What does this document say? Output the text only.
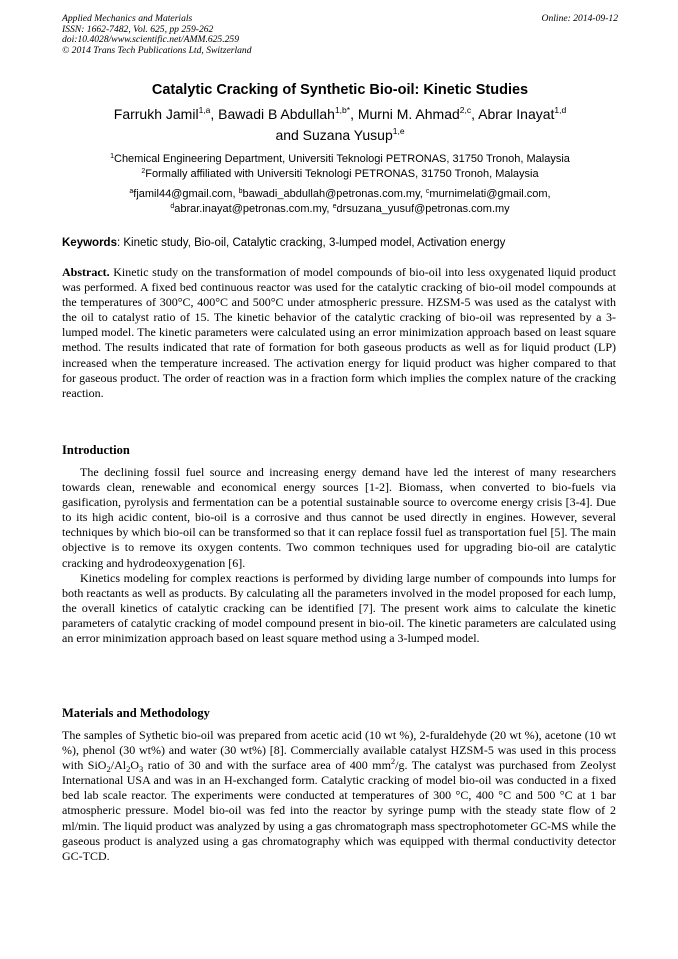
Applied Mechanics and Materials
ISSN: 1662-7482, Vol. 625, pp 259-262
doi:10.4028/www.scientific.net/AMM.625.259
© 2014 Trans Tech Publications Ltd, Switzerland
Online: 2014-09-12
Catalytic Cracking of Synthetic Bio-oil: Kinetic Studies
Farrukh Jamil$^{1,a}$, Bawadi B Abdullah$^{1,b*}$, Murni M. Ahmad$^{2,c}$, Abrar Inayat$^{1,d}$
and Suzana Yusup$^{1,e}$
$^1$Chemical Engineering Department, Universiti Teknologi PETRONAS, 31750 Tronoh, Malaysia
$^2$Formally affiliated with Universiti Teknologi PETRONAS, 31750 Tronoh, Malaysia
$^a$fjamil44@gmail.com, $^b$bawadi_abdullah@petronas.com.my, $^c$murnimelati@gmail.com,
$^d$abrar.inayat@petronas.com.my, $^e$drsuzana_yusuf@petronas.com.my
Keywords: Kinetic study, Bio-oil, Catalytic cracking, 3-lumped model, Activation energy
Abstract. Kinetic study on the transformation of model compounds of bio-oil into less oxygenated liquid product was performed. A fixed bed continuous reactor was used for the catalytic cracking of bio-oil model compounds at the temperatures of 300°C, 400°C and 500°C under atmospheric pressure. HZSM-5 was used as the catalyst with the oil to catalyst ratio of 15. The kinetic behavior of the catalytic cracking of bio-oil was represented by a 3-lumped model. The kinetic parameters were calculated using an error minimization approach based on least square method. The results indicated that rate of formation for both gaseous products as well as for liquid product (LP) increased when the temperature increased. The activation energy for liquid product was higher compared to that for gaseous product. The order of reaction was in a fraction form which implies the complex nature of the cracking reaction.
Introduction

The declining fossil fuel source and increasing energy demand have led the interest of many researchers towards clean, renewable and economical energy sources [1-2]. Biomass, when converted to bio-fuels via gasification, pyrolysis and fermentation can be a potential sustainable source to overcome energy crisis [3-4]. Due to its high acidic content, bio-oil is a corrosive and thus cannot be used directly in engines. However, several techniques by which bio-oil can be transformed so that it can replace fossil fuel as transportation fuel [5]. The main objective is to remove its oxygen contents. Two common techniques used for upgrading bio-oil are catalytic cracking and hydrodeoxygenation [6].

Kinetics modeling for complex reactions is performed by dividing large number of compounds into lumps for both reactants as well as products. By calculating all the parameters involved in the model proposed for each lump, the overall kinetics of catalytic cracking can be identified [7]. The present work aims to calculate the kinetic parameters of catalytic cracking of model compound present in bio-oil. The kinetic parameters are calculated using an error minimization approach based on least square method using a 3-lumped model.

Materials and Methodology

The samples of Sythetic bio-oil was prepared from acetic acid (10 wt %), 2-furaldehyde (20 wt %), acetone (10 wt %), phenol (30 wt%) and water (30 wt%) [8]. Commercially available catalyst HZSM-5 was used in this process with $SiO_2/Al_2O_3$ ratio of 30 and with the surface area of 400 $mm^2/g$. The catalyst was purchased from Zeolyst International USA and was in an H-exchanged form. Catalytic cracking of model bio-oil was conducted in a fixed bed lab scale reactor. The experiments were conducted at temperatures of 300 °C, 400 °C and 500 °C at 1 bar atmospheric pressure. Model bio-oil was fed into the reactor by syringe pump with the steady state flow of 2 ml/min. The liquid product was analyzed by using a gas chromatograph mass spectrophotometer GC-MS while the gaseous product is analyzed using a gas chromatography which was equipped with thermal conductivity detector GC-TCD.
